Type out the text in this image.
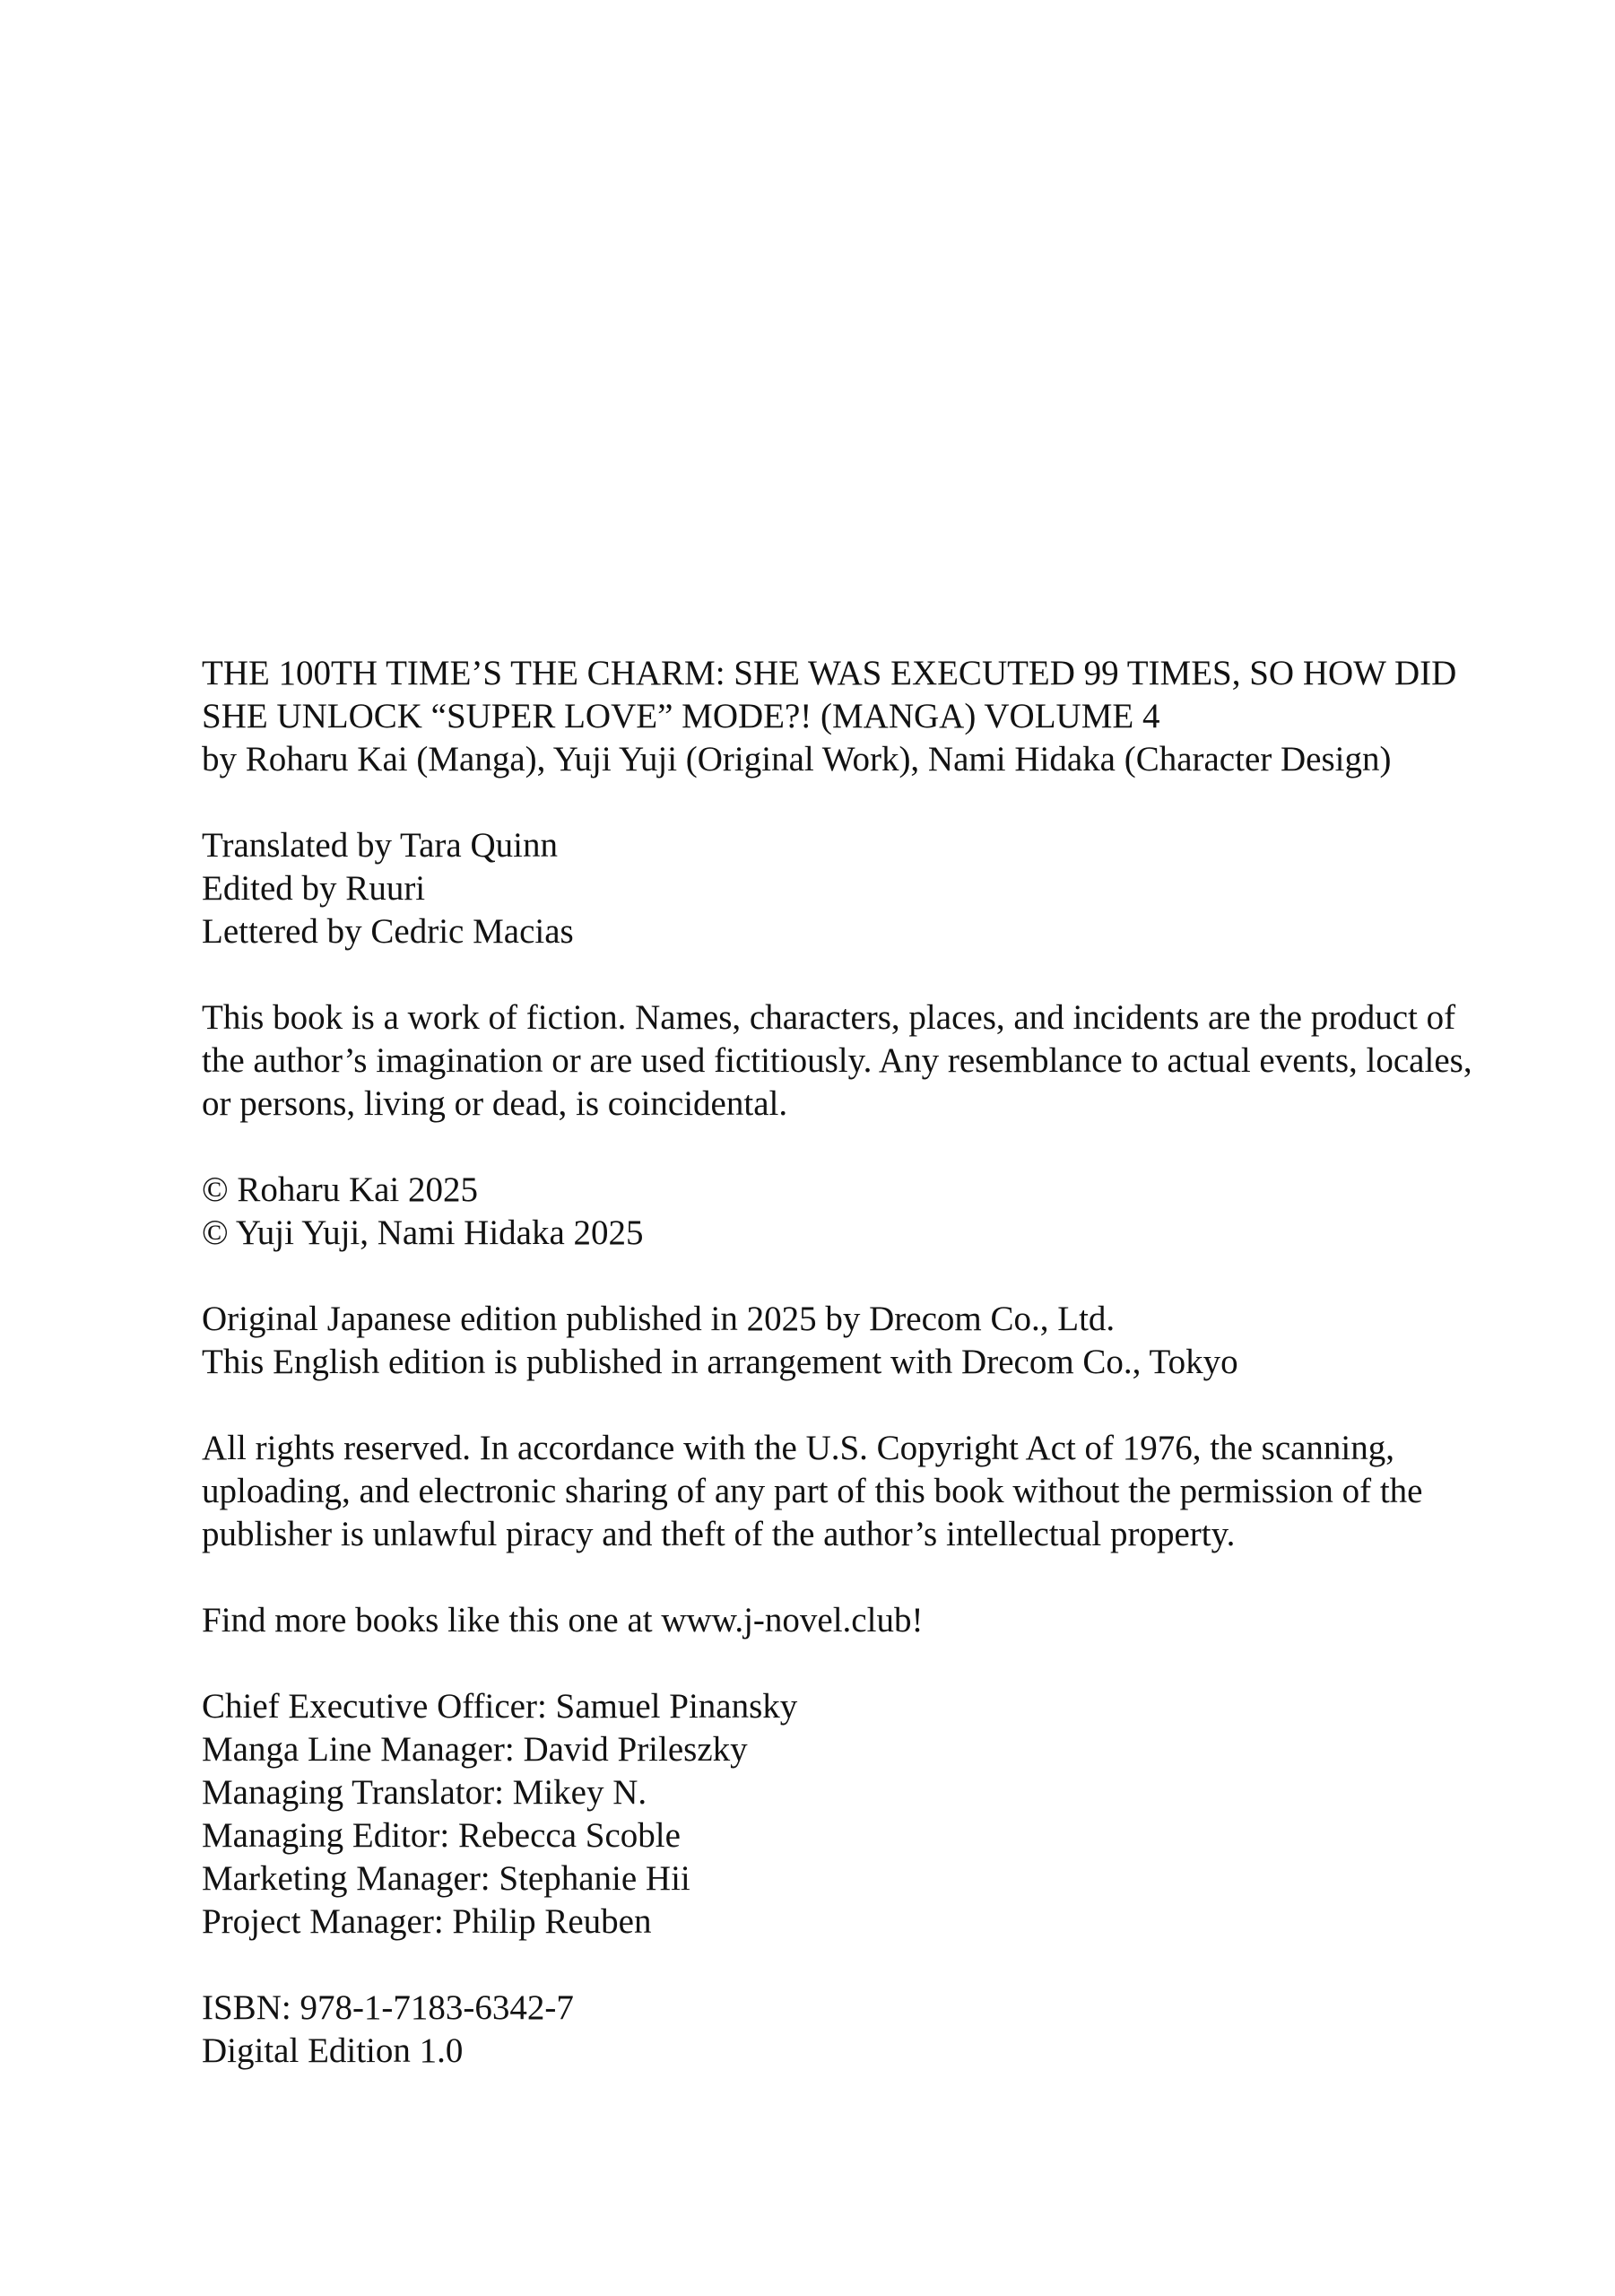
THE 100TH TIME’S THE CHARM: SHE WAS EXECUTED 99 TIMES, SO HOW DID
SHE UNLOCK “SUPER LOVE” MODE?! (MANGA) VOLUME 4
by Roharu Kai (Manga), Yuji Yuji (Original Work), Nami Hidaka (Character Design)
Translated by Tara Quinn
Edited by Ruuri
Lettered by Cedric Macias
This book is a work of fiction. Names, characters, places, and incidents are the product of
the author’s imagination or are used fictitiously. Any resemblance to actual events, locales,
or persons, living or dead, is coincidental.
© Roharu Kai 2025
© Yuji Yuji, Nami Hidaka 2025
Original Japanese edition published in 2025 by Drecom Co., Ltd.
This English edition is published in arrangement with Drecom Co., Tokyo
All rights reserved. In accordance with the U.S. Copyright Act of 1976, the scanning,
uploading, and electronic sharing of any part of this book without the permission of the
publisher is unlawful piracy and theft of the author’s intellectual property.
Find more books like this one at www.j-novel.club!
Chief Executive Officer: Samuel Pinansky
Manga Line Manager: David Prileszky
Managing Translator: Mikey N.
Managing Editor: Rebecca Scoble
Marketing Manager: Stephanie Hii
Project Manager: Philip Reuben
ISBN: 978-1-7183-6342-7
Digital Edition 1.0
